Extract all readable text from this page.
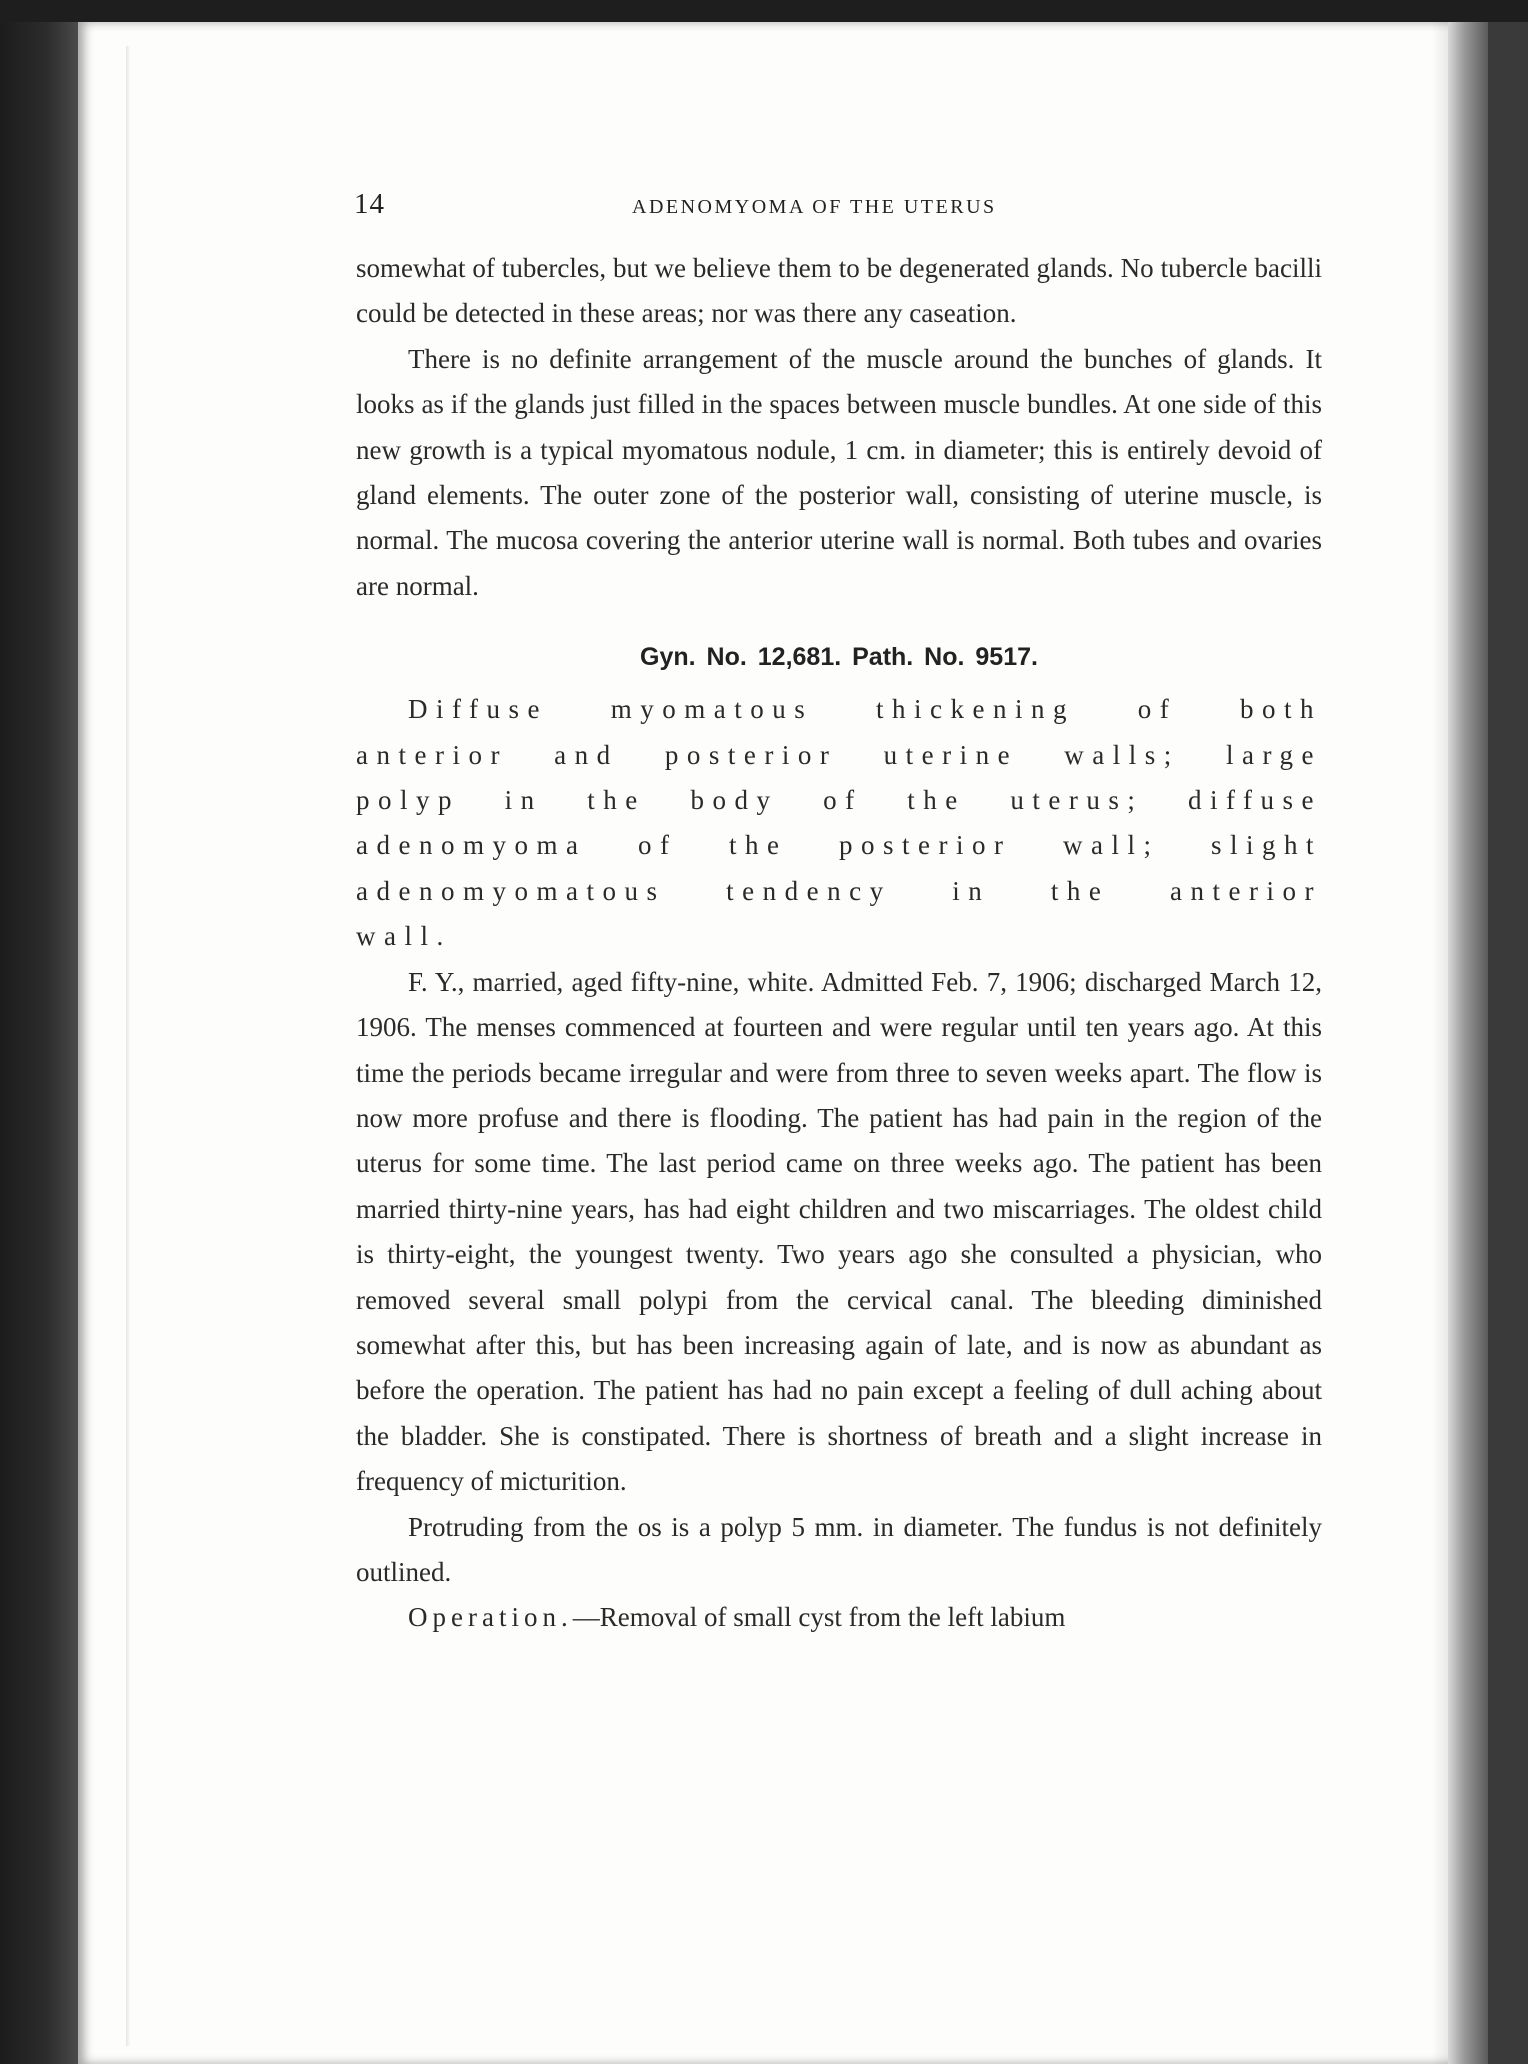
14	ADENOMYOMA OF THE UTERUS

somewhat of tubercles, but we believe them to be degenerated glands. No tubercle bacilli could be detected in these areas; nor was there any caseation.

There is no definite arrangement of the muscle around the bunches of glands. It looks as if the glands just filled in the spaces between muscle bundles. At one side of this new growth is a typical myomatous nodule, 1 cm. in diameter; this is entirely devoid of gland elements. The outer zone of the posterior wall, consisting of uterine muscle, is normal. The mucosa covering the anterior uterine wall is normal. Both tubes and ovaries are normal.

Gyn. No. 12,681. Path. No. 9517.

Diffuse myomatous thickening of both anterior and posterior uterine walls; large polyp in the body of the uterus; diffuse adenomyoma of the posterior wall; slight adenomyomatous tendency in the anterior wall.

F. Y., married, aged fifty-nine, white. Admitted Feb. 7, 1906; discharged March 12, 1906. The menses commenced at fourteen and were regular until ten years ago. At this time the periods became irregular and were from three to seven weeks apart. The flow is now more profuse and there is flooding. The patient has had pain in the region of the uterus for some time. The last period came on three weeks ago. The patient has been married thirty-nine years, has had eight children and two miscarriages. The oldest child is thirty-eight, the youngest twenty. Two years ago she consulted a physician, who removed several small polypi from the cervical canal. The bleeding diminished somewhat after this, but has been increasing again of late, and is now as abundant as before the operation. The patient has had no pain except a feeling of dull aching about the bladder. She is constipated. There is shortness of breath and a slight increase in frequency of micturition.

Protruding from the os is a polyp 5 mm. in diameter. The fundus is not definitely outlined.

Operation.—Removal of small cyst from the left labium
